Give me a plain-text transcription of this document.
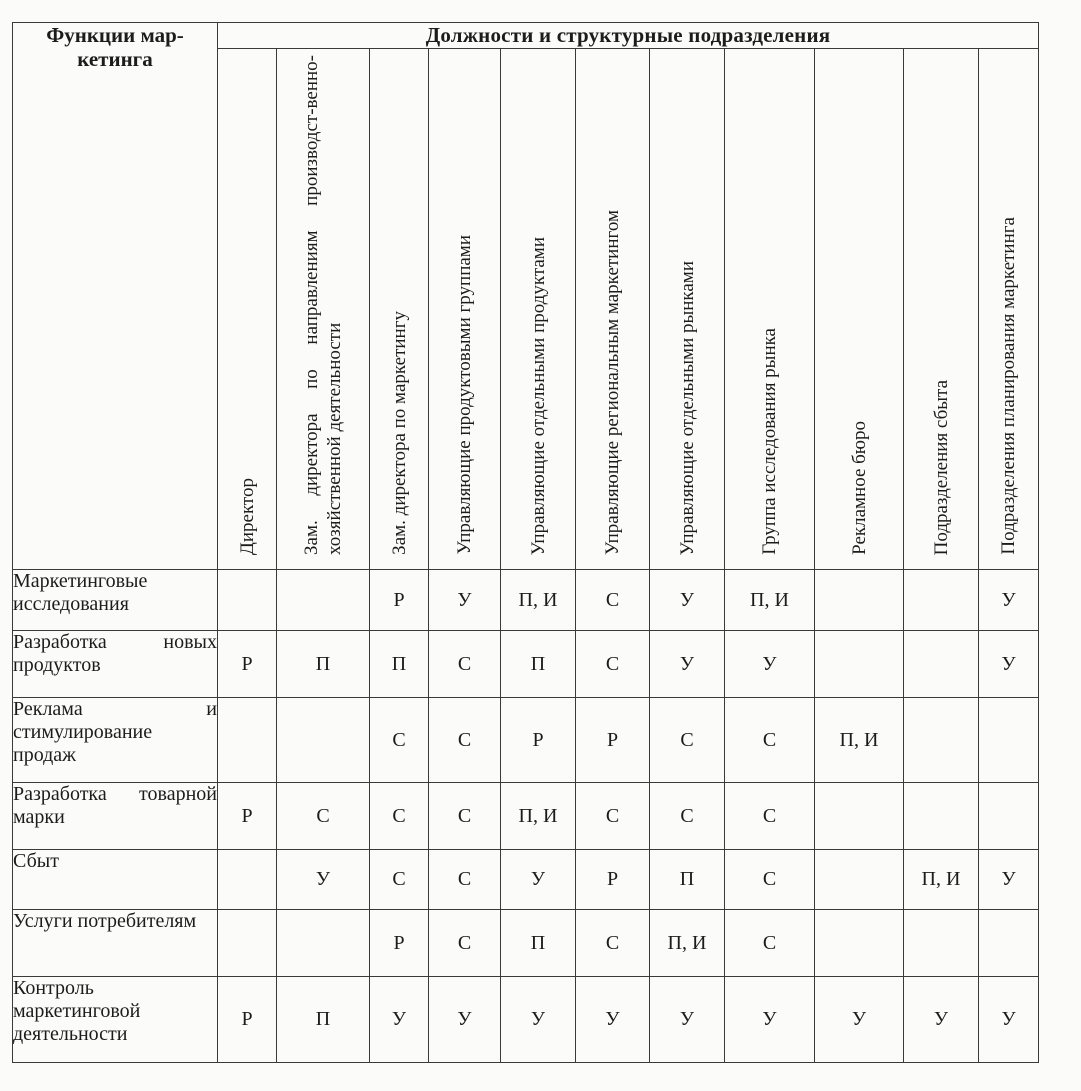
Функции мар-
кетинга	Должности и структурные подразделения										

	Директор	Зам. директора по направлениям производст-венно-хозяйственной деятельности	Зам. директора по маркетингу	Управляющие продуктовыми группами	Управляющие отдельными продуктами	Управляющие региональным маркетингом	Управляющие отдельными рынками	Группа исследования рынка	Рекламное бюро	Подразделения сбыта	Подразделения планирования маркетинга

Маркетинговые исследования			Р	У	П, И	С	У	П, И			У
Разработка новых продуктов	Р	П	П	С	П	С	У	У			У
Реклама и стимулирование продаж			С	С	Р	Р	С	С	П, И		
Разработка товарной марки	Р	С	С	С	П, И	С	С	С			
Сбыт		У	С	С	У	Р	П	С		П, И	У
Услуги потребителям			Р	С	П	С	П, И	С			
Контроль маркетинговой деятельности	Р	П	У	У	У	У	У	У	У	У	У
